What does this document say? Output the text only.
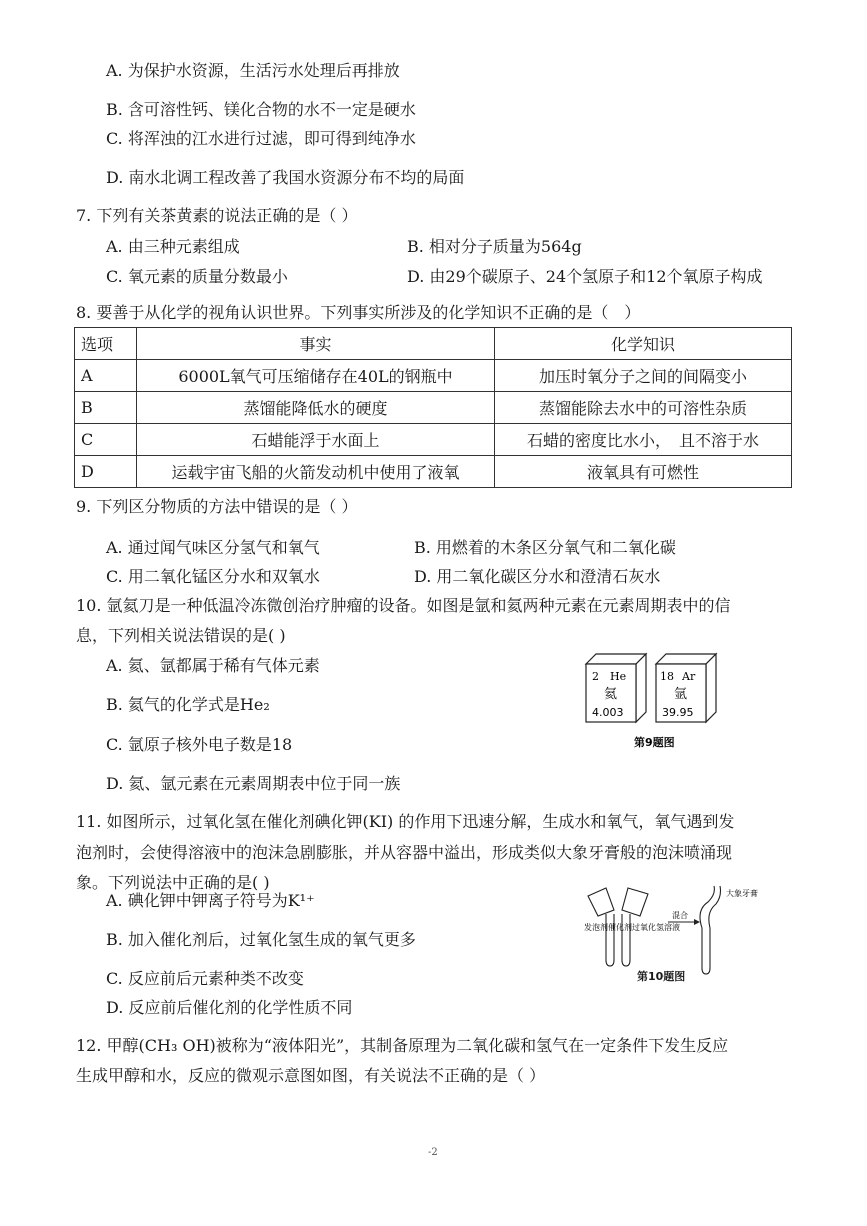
A. 为保护水资源，生活污水处理后再排放
B. 含可溶性钙、镁化合物的水不一定是硬水
C. 将浑浊的江水进行过滤，即可得到纯净水
D. 南水北调工程改善了我国水资源分布不均的局面
7. 下列有关茶黄素的说法正确的是（ ）
A. 由三种元素组成	B. 相对分子质量为564g
C. 氧元素的质量分数最小	D. 由29个碳原子、24个氢原子和12个氧原子构成
8. 要善于从化学的视角认识世界。下列事实所涉及的化学知识不正确的是（　）
选项	事实	化学知识
A	6000L氧气可压缩储存在40L的钢瓶中	加压时氧分子之间的间隔变小
B	蒸馏能降低水的硬度	蒸馏能除去水中的可溶性杂质
C	石蜡能浮于水面上	石蜡的密度比水小，　且不溶于水
D	运载宇宙飞船的火箭发动机中使用了液氧	液氧具有可燃性
9. 下列区分物质的方法中错误的是（ ）
A. 通过闻气味区分氢气和氧气	B. 用燃着的木条区分氧气和二氧化碳
C. 用二氧化锰区分水和双氧水	D. 用二氧化碳区分水和澄清石灰水
10. 氩氦刀是一种低温冷冻微创治疗肿瘤的设备。如图是氩和氦两种元素在元素周期表中的信
息，下列相关说法错误的是( )
A. 氦、氩都属于稀有气体元素
B. 氦气的化学式是He₂
C. 氩原子核外电子数是18
D. 氦、氩元素在元素周期表中位于同一族
2 He
氦
4.003
18 Ar
氩
39.95
第9题图
11. 如图所示，过氧化氢在催化剂碘化钾(KI) 的作用下迅速分解，生成水和氧气，氧气遇到发
泡剂时，会使得溶液中的泡沫急剧膨胀，并从容器中溢出，形成类似大象牙膏般的泡沫喷涌现
象。下列说法中正确的是( )
A. 碘化钾中钾离子符号为K¹⁺
B. 加入催化剂后，过氧化氢生成的氧气更多
C. 反应前后元素种类不改变
D. 反应前后催化剂的化学性质不同
发泡剂催化剂 过氧化氢溶液
混合
大象牙膏
第10题图
12. 甲醇(CH₃ OH)被称为“液体阳光”，其制备原理为二氧化碳和氢气在一定条件下发生反应
生成甲醇和水，反应的微观示意图如图，有关说法不正确的是（ ）
-2
